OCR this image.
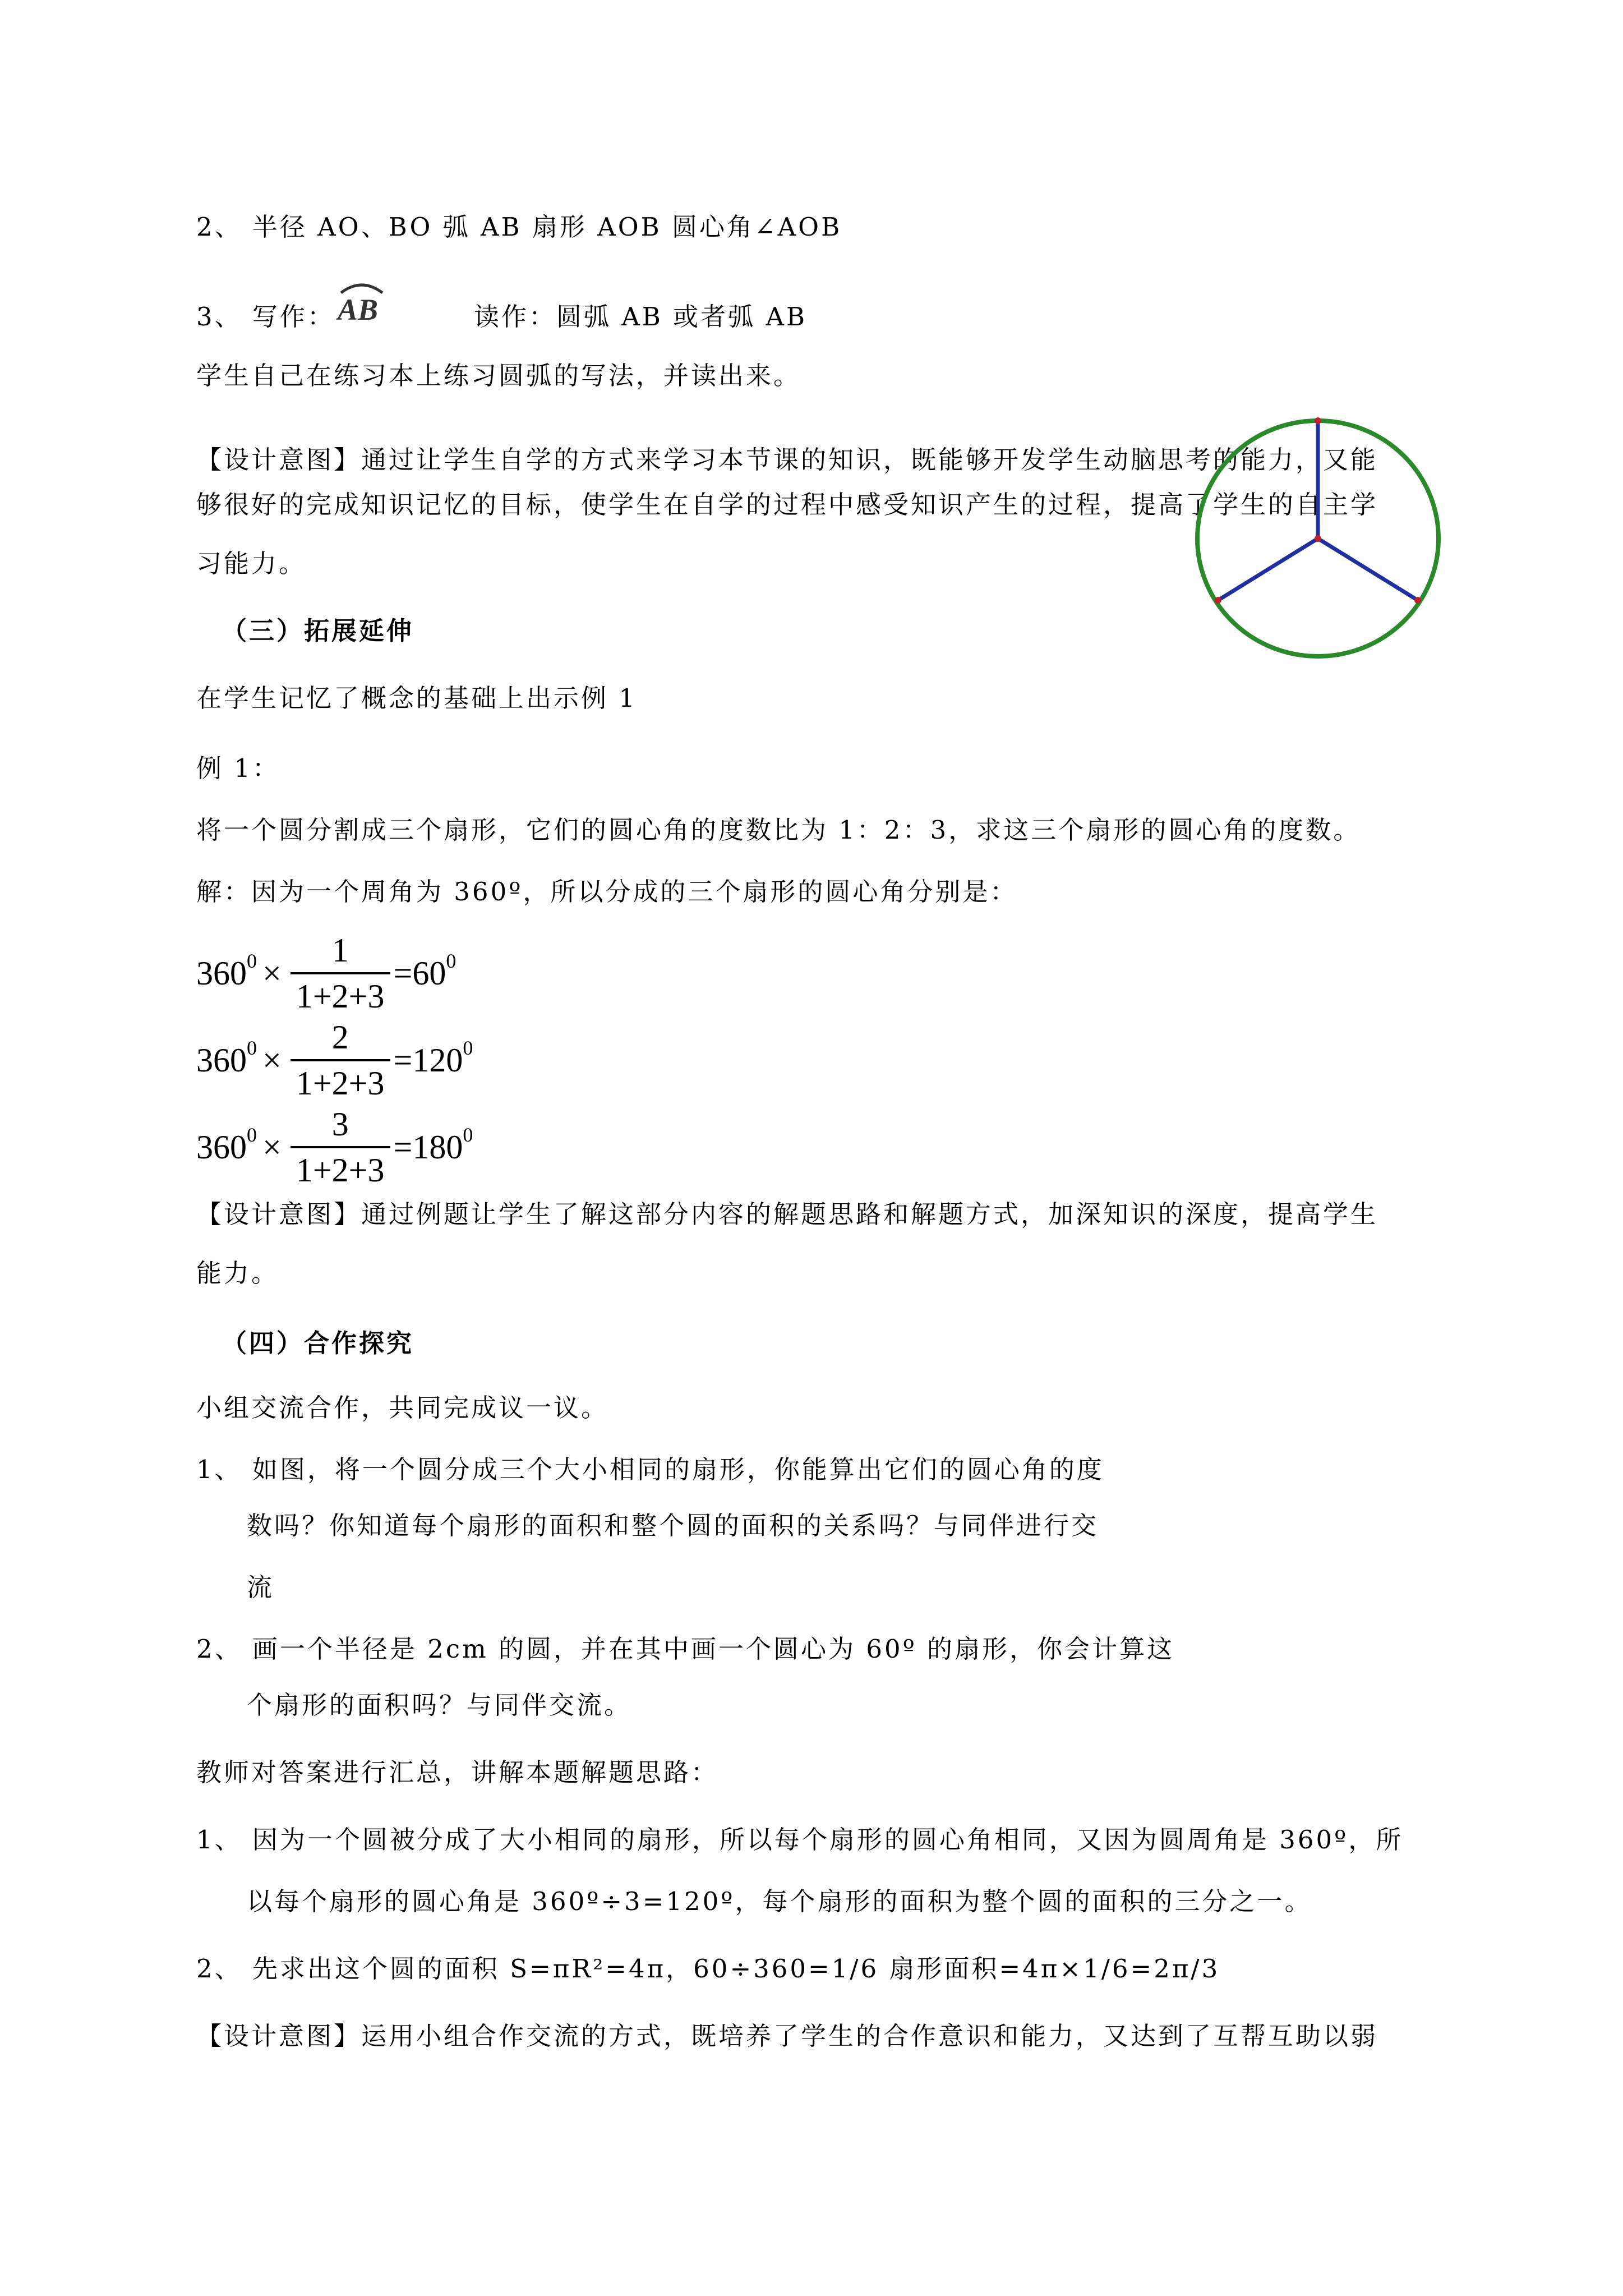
2、 半径 AO、BO 弧 AB 扇形 AOB 圆心角∠AOB
3、 写作： AB	读作：圆弧 AB 或者弧 AB
学生自己在练习本上练习圆弧的写法，并读出来。
【设计意图】通过让学生自学的方式来学习本节课的知识，既能够开发学生动脑思考的能力，又能
够很好的完成知识记忆的目标，使学生在自学的过程中感受知识产生的过程，提高了学生的自主学
习能力。
（三）拓展延伸
在学生记忆了概念的基础上出示例 1
例 1：
将一个圆分割成三个扇形，它们的圆心角的度数比为 1：2：3，求这三个扇形的圆心角的度数。
解：因为一个周角为 360º，所以分成的三个扇形的圆心角分别是：
360 $0 \times \frac{1}{1+2+3} =60$ 0
360 $0 \times \frac{2}{1+2+3} =120$ 0
360 $0 \times \frac{3}{1+2+3} =180$ 0
【设计意图】通过例题让学生了解这部分内容的解题思路和解题方式，加深知识的深度，提高学生
能力。
（四）合作探究
小组交流合作，共同完成议一议。
1、 如图，将一个圆分成三个大小相同的扇形，你能算出它们的圆心角的度
数吗？你知道每个扇形的面积和整个圆的面积的关系吗？与同伴进行交
流
2、 画一个半径是 2cm 的圆，并在其中画一个圆心为 60º 的扇形，你会计算这
个扇形的面积吗？与同伴交流。
教师对答案进行汇总，讲解本题解题思路：
1、 因为一个圆被分成了大小相同的扇形，所以每个扇形的圆心角相同，又因为圆周角是 360º，所
以每个扇形的圆心角是 360º÷3=120º，每个扇形的面积为整个圆的面积的三分之一。
2、 先求出这个圆的面积 S=πR²=4π，60÷360=1/6 扇形面积=4π×1/6=2π/3
【设计意图】运用小组合作交流的方式，既培养了学生的合作意识和能力，又达到了互帮互助以弱
